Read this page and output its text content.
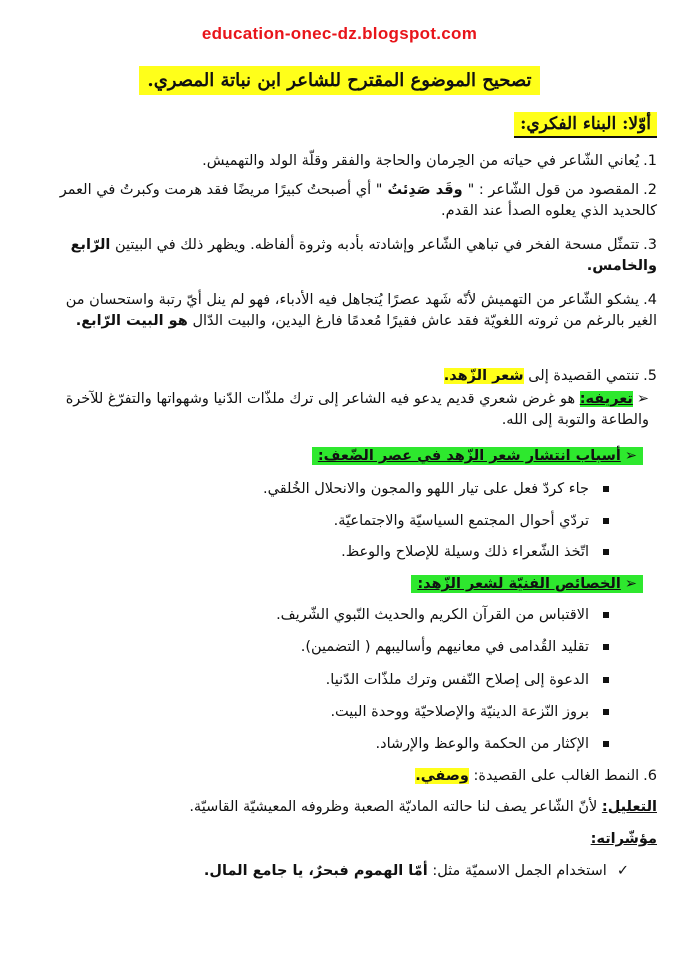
education-onec-dz.blogspot.com
تصحيح الموضوع المقترح للشاعر ابن نباتة المصري.
أوّلا: البناء الفكري:
1.يُعاني الشّاعر في حياته من الحِرمان والحاجة والفقر وقلّة الولد والتهميش.
2.المقصود من قول الشّاعر : " وقَد صَدِئتُ " أي أصبحتُ كبيرًا مريضًا فقد هرمت وكبرتُ في العمر كالحديد الذي يعلوه الصدأ عند القدم.
3.تتمثّل مسحة الفخر في تباهي الشّاعر وإشادته بأدبه وثروة ألفاظه. ويظهر ذلك في البيتين الرّابع والخامس.
4.يشكو الشّاعر من التهميش لأنّه شَهد عصرًا يُتجاهل فيه الأدباء، فهو لم ينل أيّ رتبة واستحسان من الغير بالرغم من ثروته اللغويّة فقد عاش فقيرًا مُعدمًا فارغ اليدين، والبيت الدّال هو البيت الرّابع.
5.تنتمي القصيدة إلى شعر الزّهد.
➢تعريفه: هو غرض شعري قديم يدعو فيه الشاعر إلى ترك ملذّات الدّنيا وشهواتها والتفرّغ للآخرة والطاعة والتوبة إلى الله.
➢أسباب انتشار شعر الزّهد في عصر الضّعف:
جاء كردّ فعل على تيار اللهو والمجون والانحلال الخُلقي.
تردّي أحوال المجتمع السياسيّة والاجتماعيّة.
اتّخذ الشّعراء ذلك وسيلة للإصلاح والوعظ.
➢الخصائص الفنيّة لشعر الزّهد:
الاقتباس من القرآن الكريم والحديث النّبوي الشّريف.
تقليد القُدامى في معانيهم وأساليبهم ( التضمين).
الدعوة إلى إصلاح النّفس وترك ملذّات الدّنيا.
بروز النّزعة الدينيّة والإصلاحيّة ووحدة البيت.
الإكثار من الحكمة والوعظ والإرشاد.
6.النمط الغالب على القصيدة: وصفي.
التعليل: لأنّ الشّاعر يصف لنا حالته الماديّة الصعبة وظروفه المعيشيّة القاسيّة.
مؤشّراته:
✓استخدام الجمل الاسميّة مثل: أمّا الهموم فبحرٌ، يا جامع المال.
